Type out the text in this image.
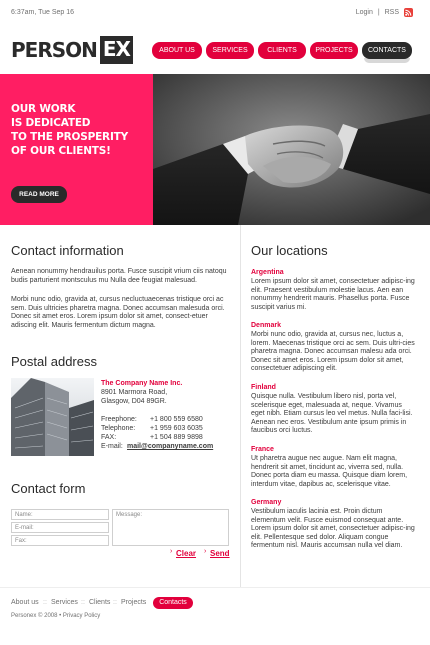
6:37am, Tue Sep 16	Login | RSS
PERSON EX	ABOUT US	SERVICES	CLIENTS	PROJECTS	CONTACTS
OUR WORK
IS DEDICATED
TO THE PROSPERITY
OF OUR CLIENTS!
READ MORE
Contact information
Aenean nonummy hendrauilus porta. Fusce suscipit vrium ciis natoqu budis parturient montsculus mu Nulla dee feugiat malesuad.
Morbi nunc odio, gravida at, cursus necluctuaecenas tristique orci ac sem. Duis ultricies pharetra magna. Donec accumsan malesuda orci. Donec sit amet eros. Lorem ipsum dolor sit amet, consect-etuer adiscing elit. Mauris fermentum dictum magna.
Postal address
The Company Name Inc.
8901 Marmora Road,
Glasgow, D04 89GR.
Freephone: +1 800 559 6580
Telephone: +1 959 603 6035
FAX:	+1 504 889 9898
E-mail: mail@companyname.com
Contact form
Name:
E-mail:
Fax:
Message:
› Clear › Send
Our locations
Argentina
Lorem ipsum dolor sit amet, consectetuer adipisc-ing elit. Praesent vestibulum molestie lacus. Aen ean nonummy hendrerit mauris. Phasellus porta. Fusce suscipit varius mi.
Denmark
Morbi nunc odio, gravida at, cursus nec, luctus a, lorem. Maecenas tristique orci ac sem. Duis ultri-cies pharetra magna. Donec accumsan malesu ada orci. Donec sit amet eros. Lorem ipsum dolor sit amet, consectetuer adipiscing elit.
Finland
Quisque nulla. Vestibulum libero nisl, porta vel, scelerisque eget, malesuada at, neque. Vivamus eget nibh. Etiam cursus leo vel metus. Nulla faci-lisi. Aenean nec eros. Vestibulum ante ipsum primis in faucibus orci luctus.
France
Ut pharetra augue nec augue. Nam elit magna, hendrerit sit amet, tincidunt ac, viverra sed, nulla. Donec porta diam eu massa. Quisque diam lorem, interdum vitae, dapibus ac, scelerisque vitae.
Germany
Vestibulum iaculis lacinia est. Proin dictum elementum velit. Fusce euismod consequat ante. Lorem ipsum dolor sit amet, consectetuer adipisc-ing elit. Pellentesque sed dolor. Aliquam congue fermentum nisl. Mauris accumsan nulla vel diam.
About us :: Services :: Clients :: Projects	Contacts
Personex © 2008 • Privacy Policy
